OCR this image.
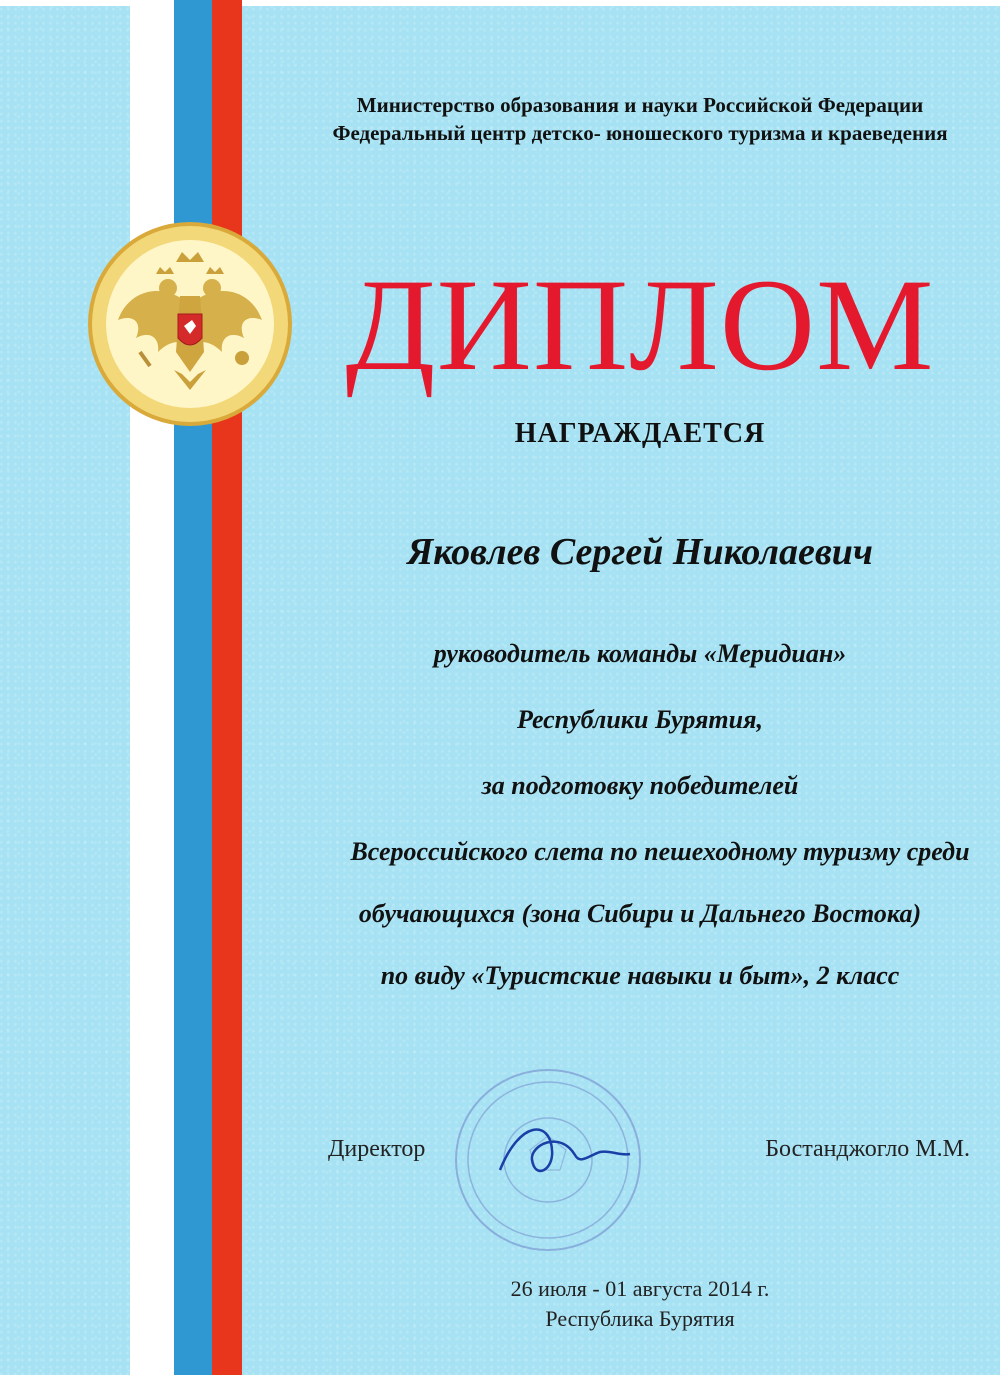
Министерство образования и науки Российской Федерации
Федеральный центр детско- юношеского туризма и краеведения
ДИПЛОМ
НАГРАЖДАЕТСЯ
Яковлев Сергей Николаевич
руководитель команды «Меридиан»
Республики Бурятия,
за подготовку победителей
Всероссийского слета по пешеходному туризму среди
обучающихся (зона Сибири и Дальнего Востока)
по виду «Туристские навыки и быт», 2 класс
Директор	Бостанджогло М.М.
26 июля - 01 августа 2014 г.
Республика Бурятия
